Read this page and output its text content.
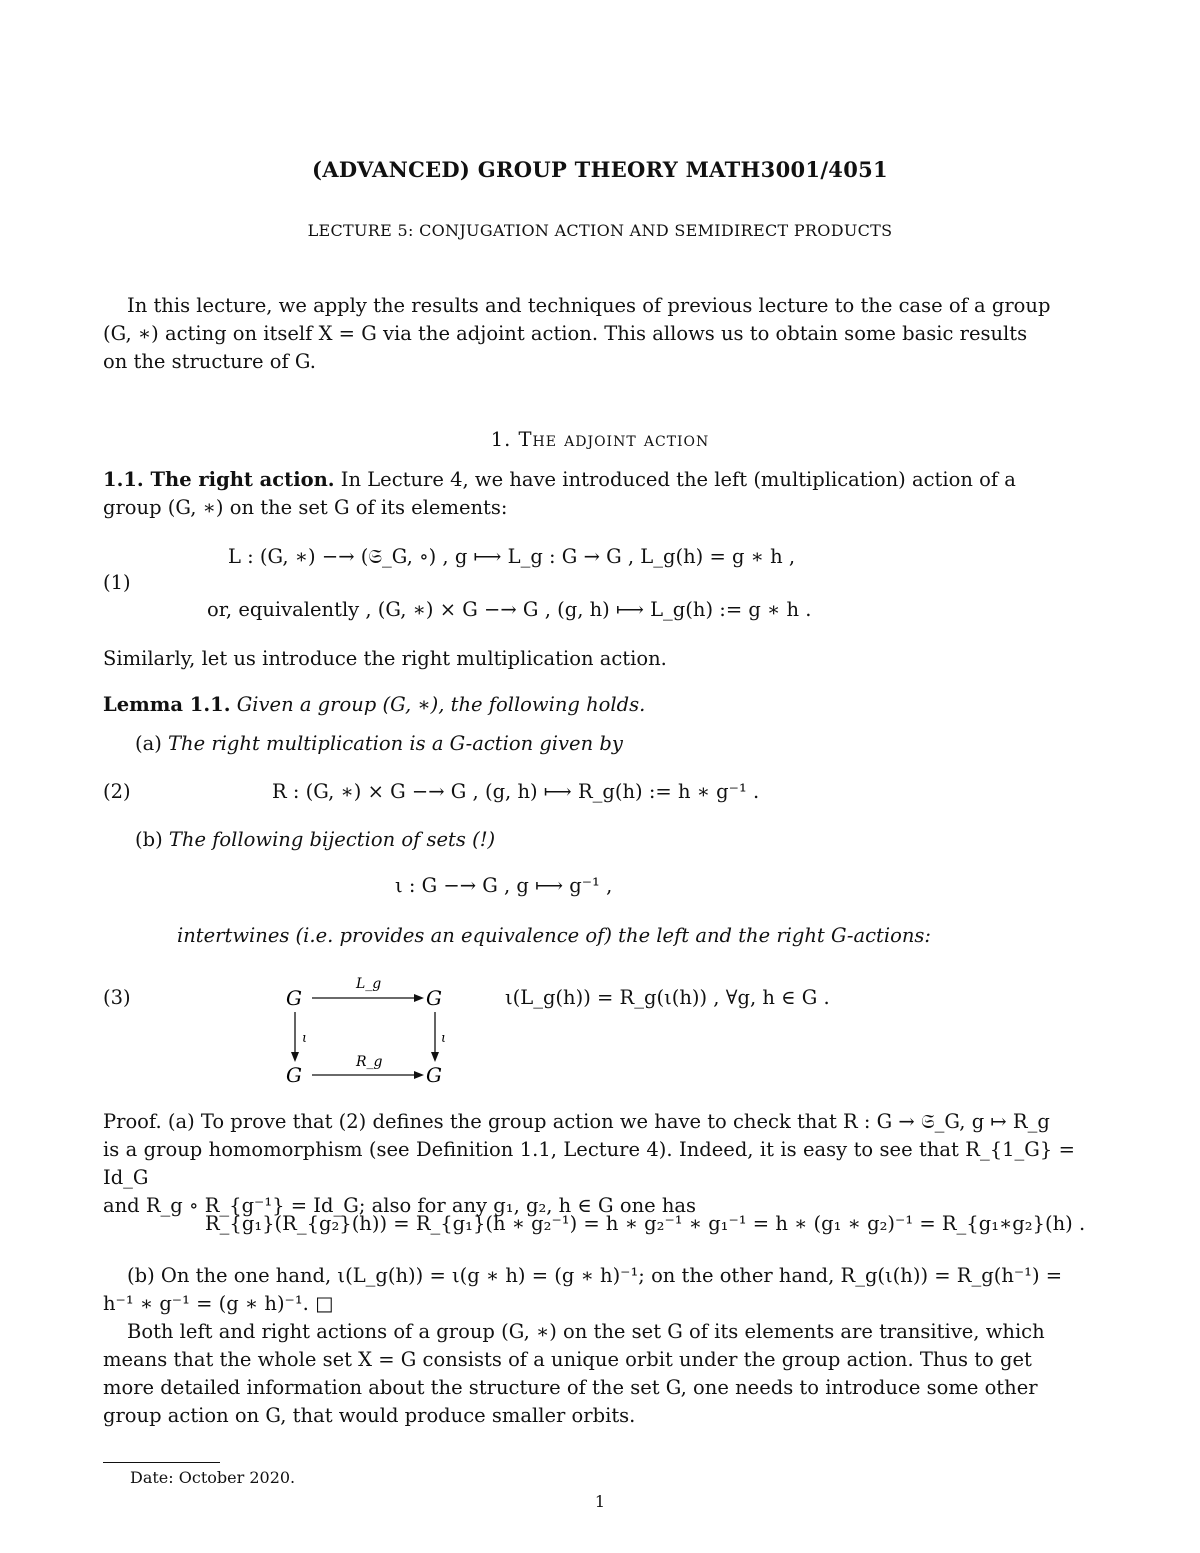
(ADVANCED) GROUP THEORY MATH3001/4051
LECTURE 5: CONJUGATION ACTION AND SEMIDIRECT PRODUCTS
In this lecture, we apply the results and techniques of previous lecture to the case of a group
(G, ∗) acting on itself X = G via the adjoint action. This allows us to obtain some basic results
on the structure of G.
1. The adjoint action
1.1. The right action. In Lecture 4, we have introduced the left (multiplication) action of a
group (G, ∗) on the set G of its elements:
(1)
L : (G, ∗) −→ (𝔖_G, ∘) , g ⟼ L_g : G → G , L_g(h) = g ∗ h ,
or, equivalently , (G, ∗) × G −→ G , (g, h) ⟼ L_g(h) := g ∗ h .
Similarly, let us introduce the right multiplication action.
Lemma 1.1. Given a group (G, ∗), the following holds.
(a) The right multiplication is a G-action given by
(2)	R : (G, ∗) × G −→ G , (g, h) ⟼ R_g(h) := h ∗ g⁻¹ .
(b) The following bijection of sets (!)
ι : G −→ G , g ⟼ g⁻¹ ,
intertwines (i.e. provides an equivalence of) the left and the right G-actions:
(3)	G	G
G	G
L_g
R_g
ι	ι
ι(L_g(h)) = R_g(ι(h)) , ∀g, h ∈ G .
Proof. (a) To prove that (2) defines the group action we have to check that R : G → 𝔖_G, g ↦ R_g
is a group homomorphism (see Definition 1.1, Lecture 4). Indeed, it is easy to see that R_{1_G} = Id_G
and R_g ∘ R_{g⁻¹} = Id_G; also for any g₁, g₂, h ∈ G one has
R_{g₁}(R_{g₂}(h)) = R_{g₁}(h ∗ g₂⁻¹) = h ∗ g₂⁻¹ ∗ g₁⁻¹ = h ∗ (g₁ ∗ g₂)⁻¹ = R_{g₁∗g₂}(h) .
(b) On the one hand, ι(L_g(h)) = ι(g ∗ h) = (g ∗ h)⁻¹; on the other hand, R_g(ι(h)) = R_g(h⁻¹) =
h⁻¹ ∗ g⁻¹ = (g ∗ h)⁻¹. □
Both left and right actions of a group (G, ∗) on the set G of its elements are transitive, which
means that the whole set X = G consists of a unique orbit under the group action. Thus to get
more detailed information about the structure of the set G, one needs to introduce some other
group action on G, that would produce smaller orbits.
Date: October 2020.
1
